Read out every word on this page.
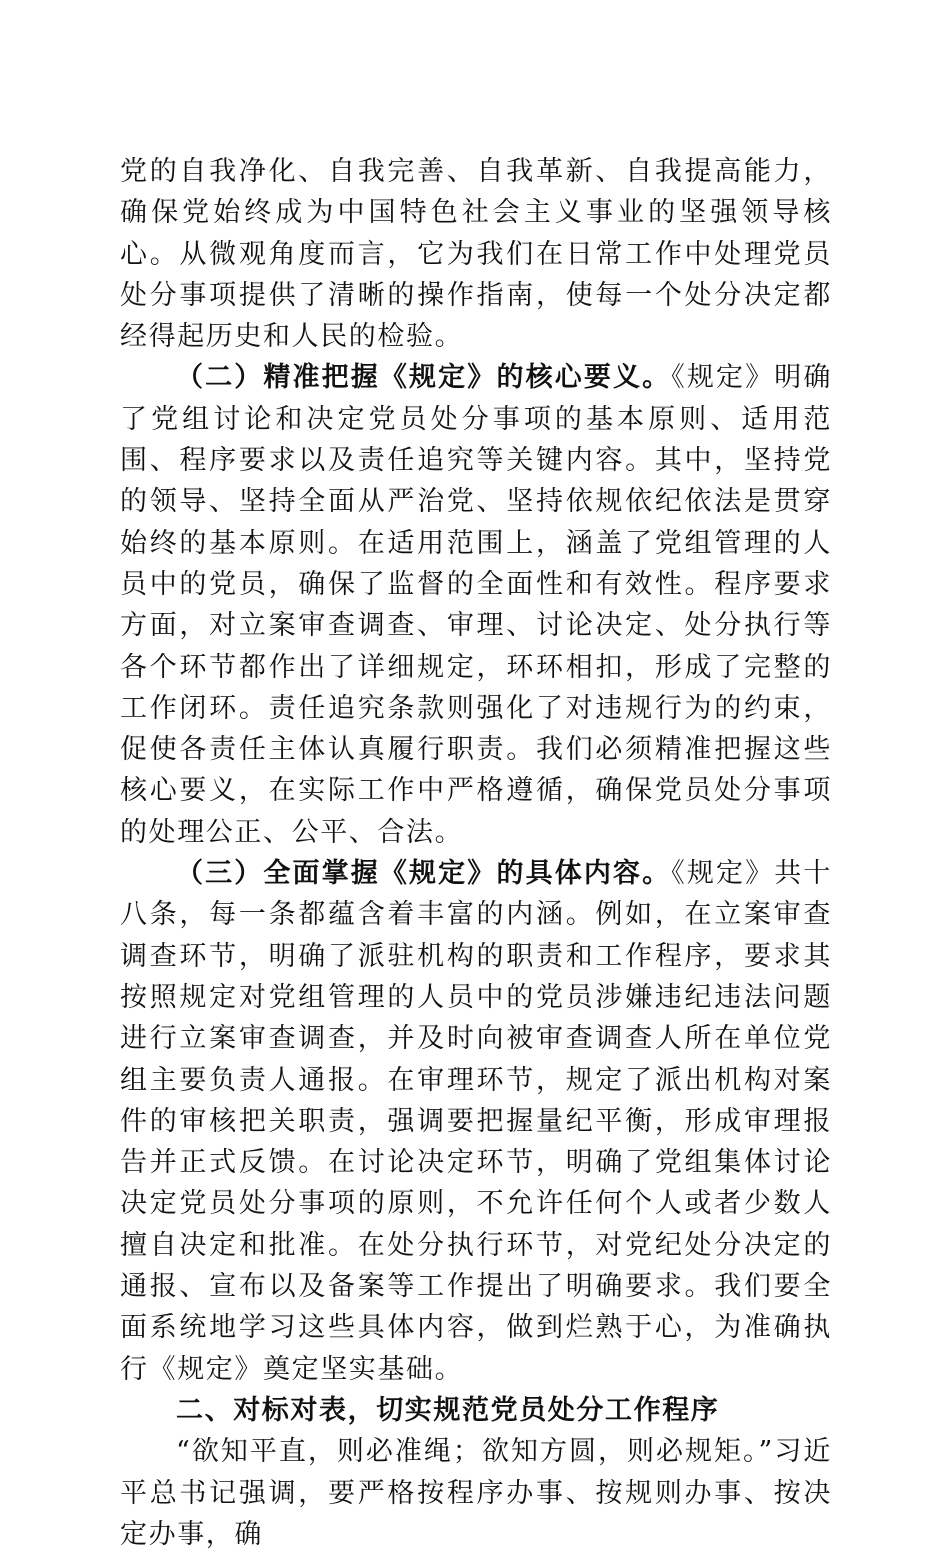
党的自我净化、自我完善、自我革新、自我提高能力，确保党始终成为中国特色社会主义事业的坚强领导核心。从微观角度而言，它为我们在日常工作中处理党员处分事项提供了清晰的操作指南，使每一个处分决定都经得起历史和人民的检验。

（二）精准把握《规定》的核心要义。《规定》明确了党组讨论和决定党员处分事项的基本原则、适用范围、程序要求以及责任追究等关键内容。其中，坚持党的领导、坚持全面从严治党、坚持依规依纪依法是贯穿始终的基本原则。在适用范围上，涵盖了党组管理的人员中的党员，确保了监督的全面性和有效性。程序要求方面，对立案审查调查、审理、讨论决定、处分执行等各个环节都作出了详细规定，环环相扣，形成了完整的工作闭环。责任追究条款则强化了对违规行为的约束，促使各责任主体认真履行职责。我们必须精准把握这些核心要义，在实际工作中严格遵循，确保党员处分事项的处理公正、公平、合法。

（三）全面掌握《规定》的具体内容。《规定》共十八条，每一条都蕴含着丰富的内涵。例如，在立案审查调查环节，明确了派驻机构的职责和工作程序，要求其按照规定对党组管理的人员中的党员涉嫌违纪违法问题进行立案审查调查，并及时向被审查调查人所在单位党组主要负责人通报。在审理环节，规定了派出机构对案件的审核把关职责，强调要把握量纪平衡，形成审理报告并正式反馈。在讨论决定环节，明确了党组集体讨论决定党员处分事项的原则，不允许任何个人或者少数人擅自决定和批准。在处分执行环节，对党纪处分决定的通报、宣布以及备案等工作提出了明确要求。我们要全面系统地学习这些具体内容，做到烂熟于心，为准确执行《规定》奠定坚实基础。

二、对标对表，切实规范党员处分工作程序

“欲知平直，则必准绳；欲知方圆，则必规矩。”习近平总书记强调，要严格按程序办事、按规则办事、按决定办事，确
